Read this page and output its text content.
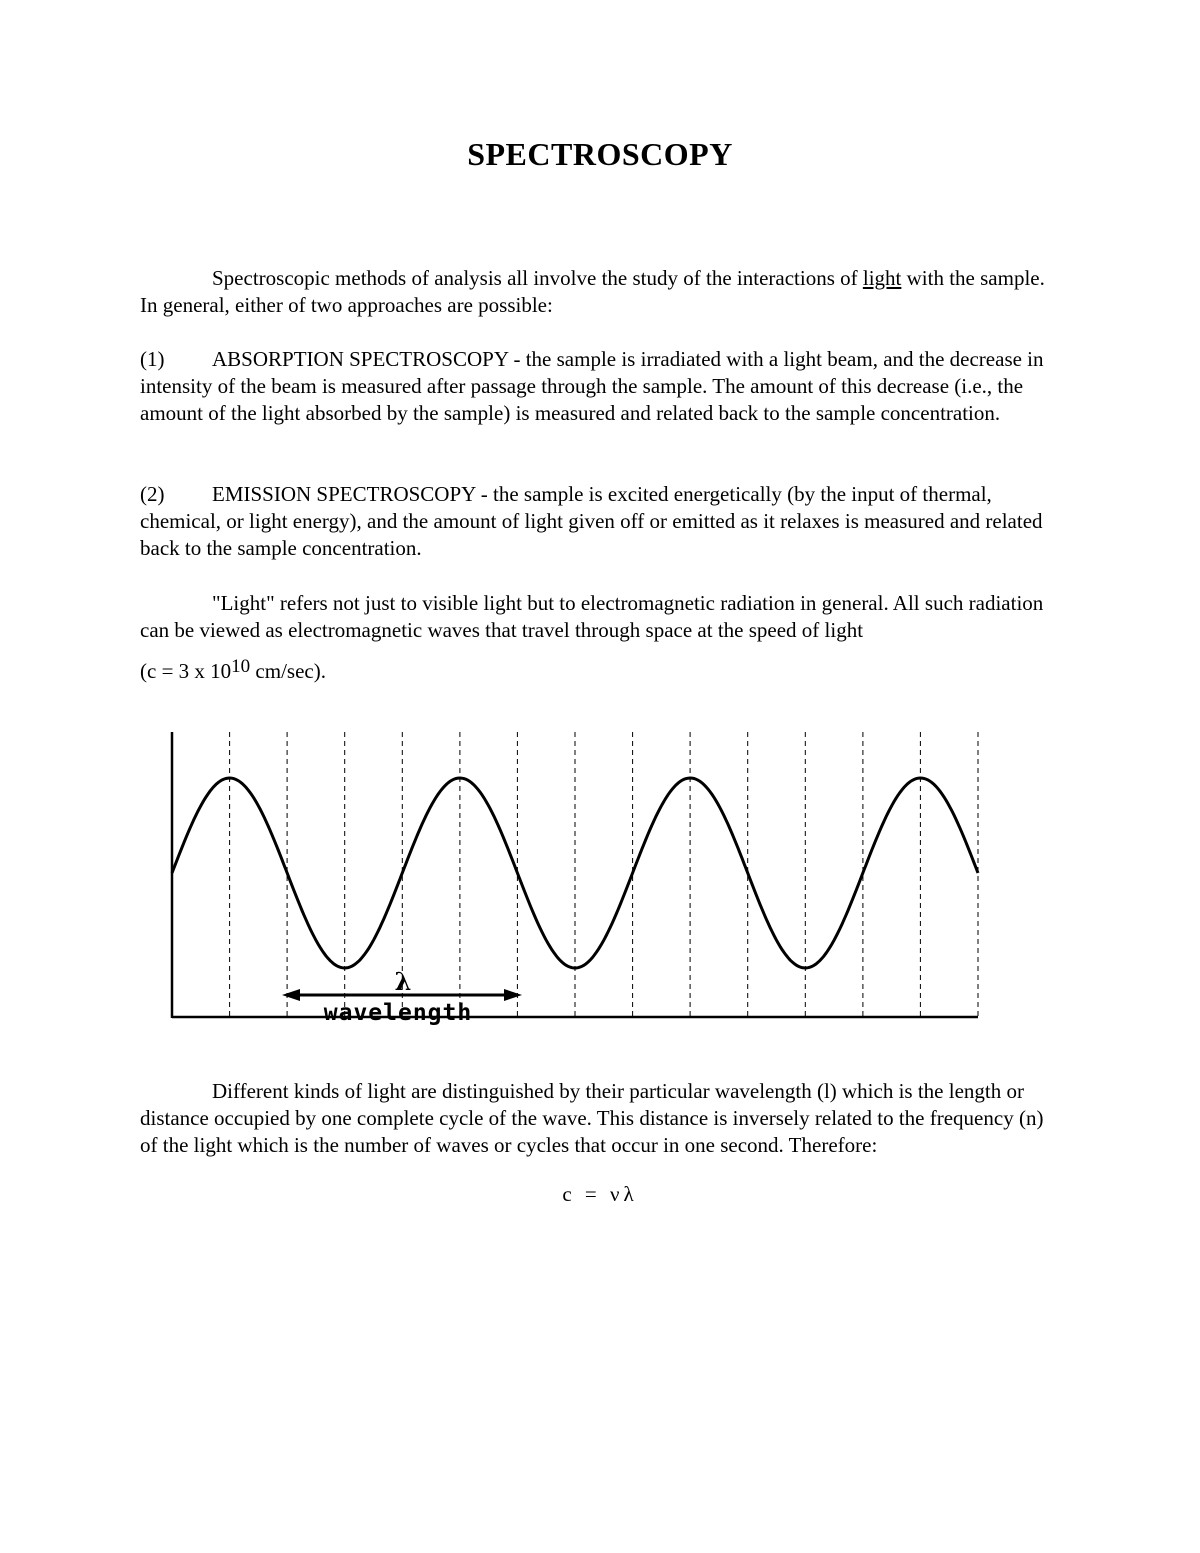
SPECTROSCOPY

Spectroscopic methods of analysis all involve the study of the interactions of light with the sample. In general, either of two approaches are possible:

(1) ABSORPTION SPECTROSCOPY - the sample is irradiated with a light beam, and the decrease in intensity of the beam is measured after passage through the sample. The amount of this decrease (i.e., the amount of the light absorbed by the sample) is measured and related back to the sample concentration.

(2) EMISSION SPECTROSCOPY - the sample is excited energetically (by the input of thermal, chemical, or light energy), and the amount of light given off or emitted as it relaxes is measured and related back to the sample concentration.

"Light" refers not just to visible light but to electromagnetic radiation in general. All such radiation can be viewed as electromagnetic waves that travel through space at the speed of light

(c = 3 x $10^{10}$ cm/sec).

λ
wavelength

Different kinds of light are distinguished by their particular wavelength (l) which is the length or distance occupied by one complete cycle of the wave. This distance is inversely related to the frequency (n) of the light which is the number of waves or cycles that occur in one second. Therefore:

c = νλ
